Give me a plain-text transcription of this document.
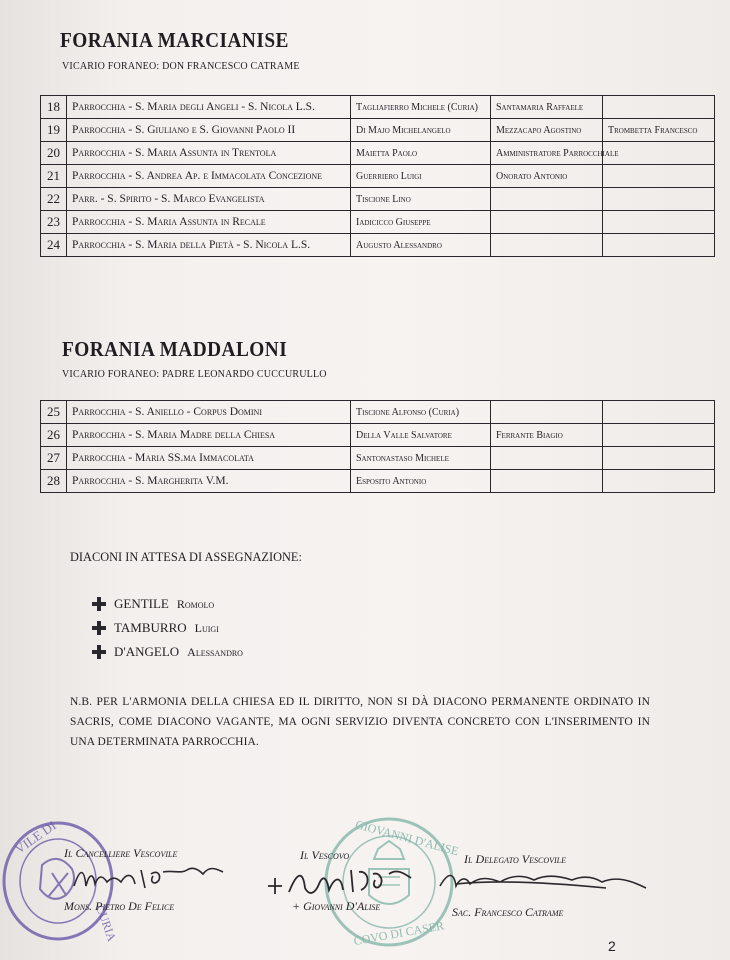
FORANIA MARCIANISE
VICARIO FORANEO: DON FRANCESCO CATRAME
18	Parrocchia - S. Maria degli Angeli - S. Nicola L.S.	Tagliafierro Michele (Curia)	Santamaria Raffaele	
19	Parrocchia - S. Giuliano e S. Giovanni Paolo II	Di Majo Michelangelo	Mezzacapo Agostino	Trombetta Francesco
20	Parrocchia - S. Maria Assunta in Trentola	Maietta Paolo	Amministratore Parrocchiale	
21	Parrocchia - S. Andrea Ap. e Immacolata Concezione	Guerriero Luigi	Onorato Antonio	
22	Parr. - S. Spirito - S. Marco Evangelista	Tiscione Lino		
23	Parrocchia - S. Maria Assunta in Recale	Iadicicco Giuseppe		
24	Parrocchia - S. Maria della Pietà - S. Nicola L.S.	Augusto Alessandro		
FORANIA MADDALONI
VICARIO FORANEO: PADRE LEONARDO CUCCURULLO
25	Parrocchia - S. Aniello - Corpus Domini	Tiscione Alfonso (Curia)		
26	Parrocchia - S. Maria Madre della Chiesa	Della Valle Salvatore	Ferrante Biagio	
27	Parrocchia - Maria SS.ma Immacolata	Santonastaso Michele		
28	Parrocchia - S. Margherita V.M.	Esposito Antonio		
DIACONI IN ATTESA DI ASSEGNAZIONE:
GENTILE Romolo
TAMBURRO Luigi
D'ANGELO Alessandro
N.B. PER L'ARMONIA DELLA CHIESA ED IL DIRITTO, NON SI DÀ DIACONO PERMANENTE ORDINATO IN SACRIS, COME DIACONO VAGANTE, MA OGNI SERVIZIO DIVENTA CONCRETO CON L'INSERIMENTO IN UNA DETERMINATA PARROCCHIA.
VILE DI
CURIA
GIOVANNI D'ALISE
COVO DI CASER
Il Cancelliere Vescovile
Mons. Pietro De Felice
Il Vescovo
+ Giovanni D'Alise
Il Delegato Vescovile
Sac. Francesco Catrame
2
